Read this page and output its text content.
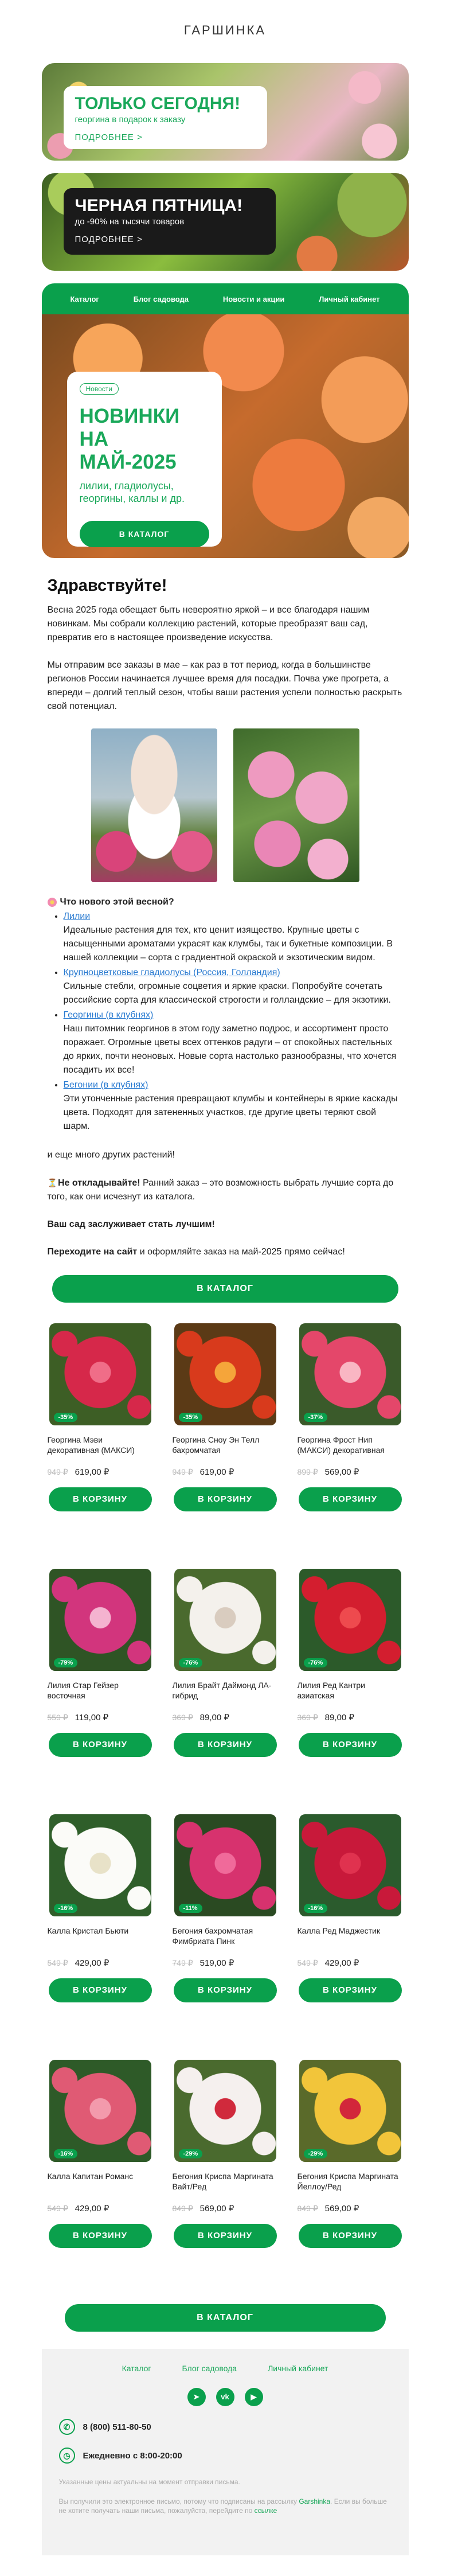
ГАРШИНКА
ТОЛЬКО СЕГОДНЯ!
георгина в подарок к заказу
ПОДРОБНЕЕ >
ЧЕРНАЯ ПЯТНИЦА!
до -90% на тысячи товаров
ПОДРОБНЕЕ >
Каталог	Блог садовода	Новости и акции	Личный кабинет
Новости
НОВИНКИ НА МАЙ-2025
лилии, гладиолусы, георгины, каллы и др.
В КАТАЛОГ
Здравствуйте!

Весна 2025 года обещает быть невероятно яркой – и все благодаря нашим новинкам. Мы собрали коллекцию растений, которые преобразят ваш сад, превратив его в настоящее произведение искусства.

Мы отправим все заказы в мае – как раз в тот период, когда в большинстве регионов России начинается лучшее время для посадки. Почва уже прогрета, а впереди – долгий теплый сезон, чтобы ваши растения успели полностью раскрыть свой потенциал.

Что нового этой весной?
• Лилии
Идеальные растения для тех, кто ценит изящество. Крупные цветы с насыщенными ароматами украсят как клумбы, так и букетные композиции. В нашей коллекции – сорта с градиентной окраской и экзотическим видом.
• Крупноцветковые гладиолусы (Россия, Голландия)
Сильные стебли, огромные соцветия и яркие краски. Попробуйте сочетать российские сорта для классической строгости и голландские – для экзотики.
• Георгины (в клубнях)
Наш питомник георгинов в этом году заметно подрос, и ассортимент просто поражает. Огромные цветы всех оттенков радуги – от спокойных пастельных до ярких, почти неоновых. Новые сорта настолько разнообразны, что хочется посадить их все!
• Бегонии (в клубнях)
Эти утонченные растения превращают клумбы и контейнеры в яркие каскады цвета. Подходят для затененных участков, где другие цветы теряют свой шарм.

и еще много других растений!

⏳ Не откладывайте! Ранний заказ – это возможность выбрать лучшие сорта до того, как они исчезнут из каталога.

Ваш сад заслуживает стать лучшим!

Переходите на сайт и оформляйте заказ на май-2025 прямо сейчас!

В КАТАЛОГ
-35%
Георгина Мэви декоративная (МАКСИ)
949 ₽ 619,00 ₽
В КОРЗИНУ
-35%
Георгина Сноу Эн Телл бахромчатая
949 ₽ 619,00 ₽
В КОРЗИНУ
-37%
Георгина Фрост Нип (МАКСИ) декоративная
899 ₽ 569,00 ₽
В КОРЗИНУ
-79%
Лилия Стар Гейзер восточная
559 ₽ 119,00 ₽
В КОРЗИНУ
-76%
Лилия Брайт Даймонд ЛА-гибрид
369 ₽ 89,00 ₽
В КОРЗИНУ
-76%
Лилия Ред Кантри азиатская
369 ₽ 89,00 ₽
В КОРЗИНУ
-16%
Калла Кристал Бьюти
549 ₽ 429,00 ₽
В КОРЗИНУ
-11%
Бегония бахромчатая Фимбриата Пинк
749 ₽ 519,00 ₽
В КОРЗИНУ
-16%
Калла Ред Маджестик
549 ₽ 429,00 ₽
В КОРЗИНУ
-16%
Калла Капитан Романс
549 ₽ 429,00 ₽
В КОРЗИНУ
-29%
Бегония Криспа Маргината Вайт/Ред
849 ₽ 569,00 ₽
В КОРЗИНУ
-29%
Бегония Криспа Маргината Йеллоу/Ред
849 ₽ 569,00 ₽
В КОРЗИНУ
В КАТАЛОГ
Каталог	Блог садовода	Личный кабинет
➤	vk	▶
✆	8 (800) 511-80-50
◷	Ежедневно с 8:00-20:00
Указанные цены актуальны на момент отправки письма.
Вы получили это электронное письмо, потому что подписаны на рассылку Garshinka. Если вы больше не хотите получать наши письма, пожалуйста, перейдите по ссылке
